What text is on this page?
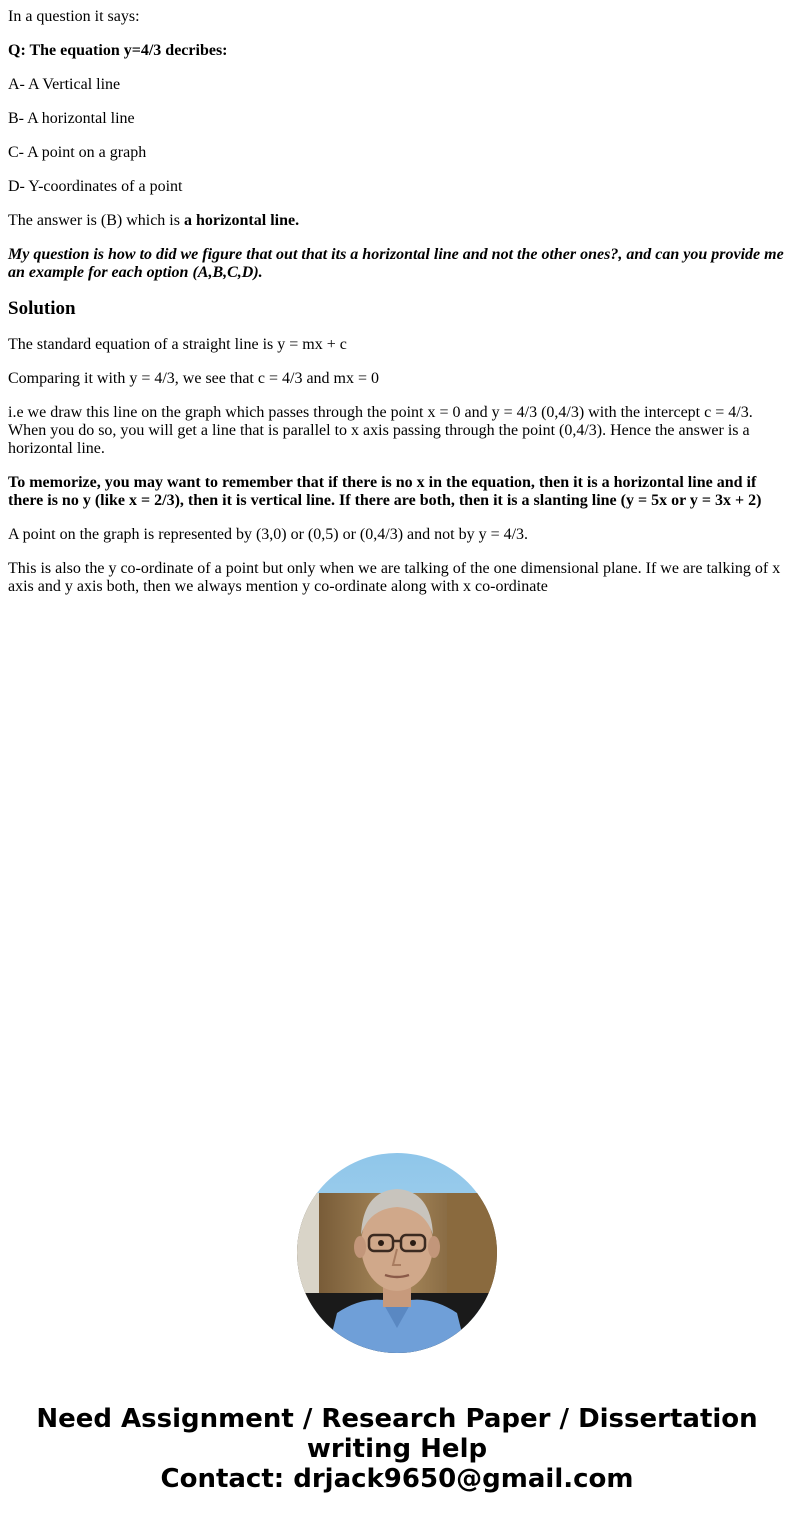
In a question it says:
Q: The equation y=4/3 decribes:
A- A Vertical line
B- A horizontal line
C- A point on a graph
D- Y-coordinates of a point
The answer is (B) which is a horizontal line.
My question is how to did we figure that out that its a horizontal line and not the other ones?, and can you provide me an example for each option (A,B,C,D).
Solution
The standard equation of a straight line is y = mx + c
Comparing it with y = 4/3, we see that c = 4/3 and mx = 0
i.e we draw this line on the graph which passes through the point x = 0 and y = 4/3 (0,4/3) with the intercept c = 4/3. When you do so, you will get a line that is parallel to x axis passing through the point (0,4/3). Hence the answer is a horizontal line.
To memorize, you may want to remember that if there is no x in the equation, then it is a horizontal line and if there is no y (like x = 2/3), then it is vertical line. If there are both, then it is a slanting line (y = 5x or y = 3x + 2)
A point on the graph is represented by (3,0) or (0,5) or (0,4/3) and not by y = 4/3.
This is also the y co-ordinate of a point but only when we are talking of the one dimensional plane. If we are talking of x axis and y axis both, then we always mention y co-ordinate along with x co-ordinate
Need Assignment / Research Paper / Dissertation
writing Help
Contact: drjack9650@gmail.com
